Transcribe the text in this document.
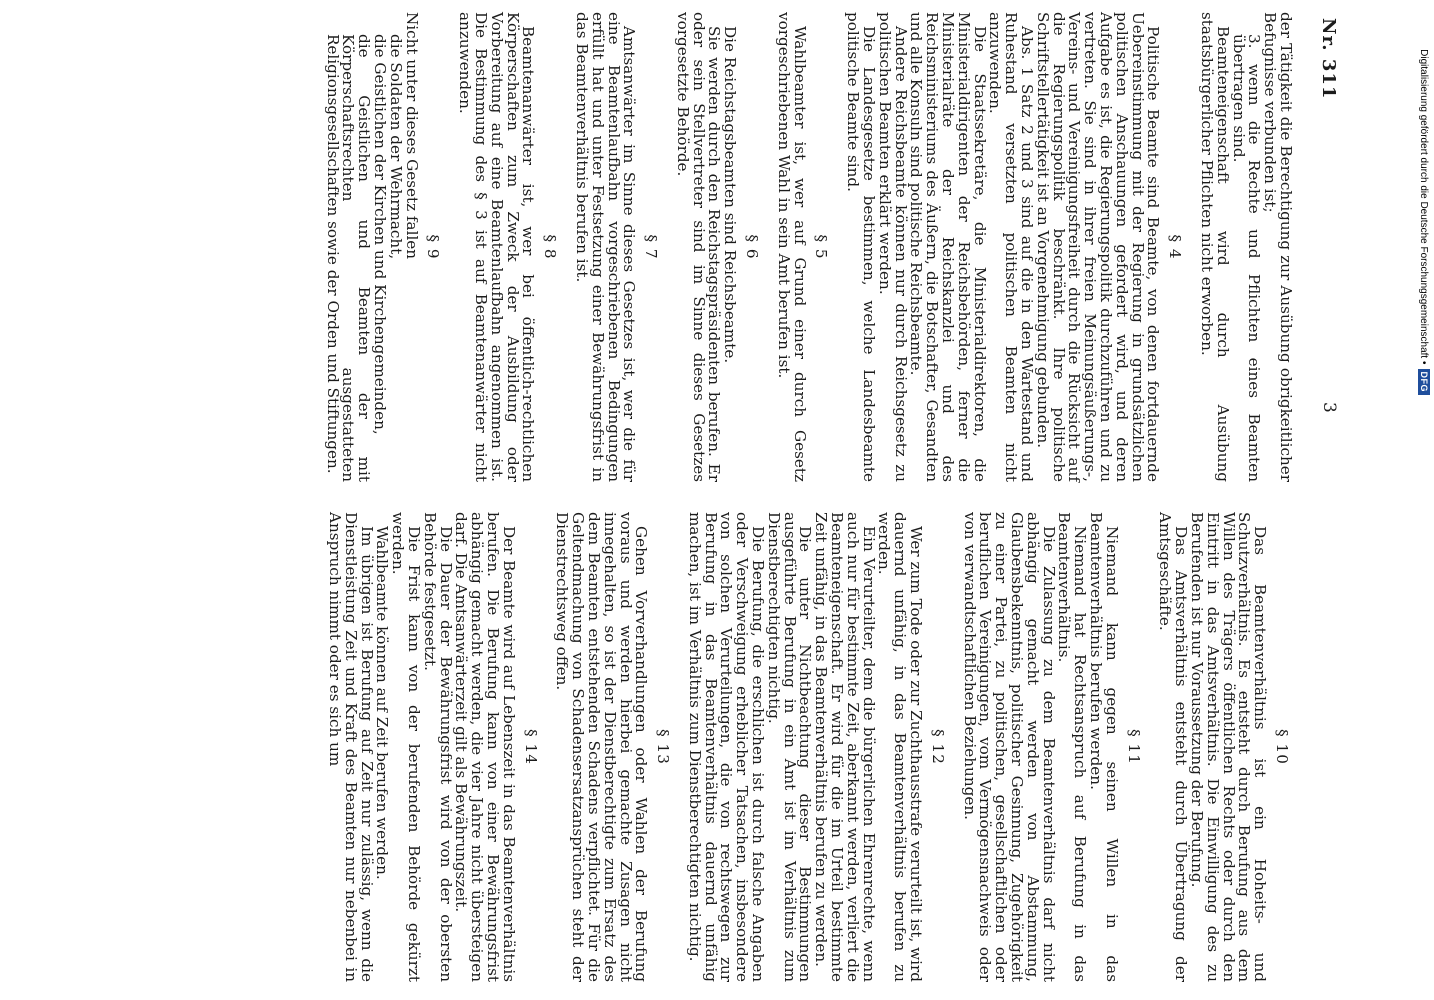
Nr. 311
3

der Tätigkeit die Berechtigung zur Ausübung obrigkeitlicher Befugnisse verbunden ist;

3. wenn die Rechte und Pflichten eines Beamten übertragen sind.

Beamteneigenschaft wird durch Ausübung staatsbürgerlicher Pflichten nicht erworben.

§ 4

Politische Beamte sind Beamte, von denen fortdauernde Uebereinstimmung mit der Regierung in grundsätzlichen politischen Anschauungen gefordert wird, und deren Aufgabe es ist, die Regierungspolitik durchzuführen und zu vertreten. Sie sind in ihrer freien Meinungsäußerungs-, Vereins- und Vereinigungsfreiheit durch die Rücksicht auf die Regierungspolitik beschränkt. Ihre politische Schriftstellertätigkeit ist an Vorgenehmigung gebunden.

Abs. 1 Satz 2 und 3 sind auf die in den Wartestand und Ruhestand versetzten politischen Beamten nicht anzuwenden.

Die Staatssekretäre, die Ministerialdirektoren, die Ministerialdirigenten der Reichsbehörden, ferner die Ministerialräte der Reichskanzlei und des Reichsministeriums des Äußern, die Botschafter, Gesandten und alle Konsuln sind politische Reichsbeamte.

Andere Reichsbeamte können nur durch Reichsgesetz zu politischen Beamten erklärt werden.

Die Landesgesetze bestimmen, welche Landesbeamte politische Beamte sind.

§ 5

Wahlbeamter ist, wer auf Grund einer durch Gesetz vorgeschriebenen Wahl in sein Amt berufen ist.

§ 6

Die Reichstagsbeamten sind Reichsbeamte.

Sie werden durch den Reichstagspräsidenten berufen. Er oder sein Stellvertreter sind im Sinne dieses Gesetzes vorgesetzte Behörde.

§ 7

Amtsanwärter im Sinne dieses Gesetzes ist, wer die für eine Beamtenlaufbahn vorgeschriebenen Bedingungen erfüllt hat und unter Festsetzung einer Bewährungsfrist in das Beamtenverhältnis berufen ist.

§ 8

Beamtenanwärter ist, wer bei öffentlich-rechtlichen Körperschaften zum Zweck der Ausbildung oder Vorbereitung auf eine Beamtenlaufbahn angenommen ist. Die Bestimmung des § 3 ist auf Beamtenanwärter nicht anzuwenden.

§ 9

Nicht unter dieses Gesetz fallen

die Soldaten der Wehrmacht,

die Geistlichen der Kirchen und Kirchengemeinden,

die Geistlichen und Beamten der mit Körperschaftsrechten ausgestatteten Religionsgesellschaften sowie der Orden und Stiftungen.

§ 10

Das Beamtenverhältnis ist ein Hoheits- und Schutzverhältnis. Es entsteht durch Berufung aus dem Willen des Trägers öffentlichen Rechts oder durch den Eintritt in das Amtsverhältnis. Die Einwilligung des zu Berufenden ist nur Voraussetzung der Berufung.

Das Amtsverhältnis entsteht durch Übertragung der Amtsgeschäfte.

§ 11

Niemand kann gegen seinen Willen in das Beamtenverhältnis berufen werden.

Niemand hat Rechtsanspruch auf Berufung in das Beamtenverhältnis.

Die Zulassung zu dem Beamtenverhältnis darf nicht abhängig gemacht werden von Abstammung, Glaubensbekenntnis, politischer Gesinnung, Zugehörigkeit zu einer Partei, zu politischen, gesellschaftlichen oder beruflichen Vereinigungen, vom Vermögensnachweis oder von verwandtschaftlichen Beziehungen.

§ 12

Wer zum Tode oder zur Zuchthausstrafe verurteilt ist, wird dauernd unfähig, in das Beamtenverhältnis berufen zu werden.

Ein Verurteilter, dem die bürgerlichen Ehrenrechte, wenn auch nur für bestimmte Zeit, aberkannt werden, verliert die Beamteneigenschaft. Er wird für die im Urteil bestimmte Zeit unfähig, in das Beamtenverhältnis berufen zu werden.

Die unter Nichtbeachtung dieser Bestimmungen ausgeführte Berufung in ein Amt ist im Verhältnis zum Dienstberechtigten nichtig.

Die Berufung, die erschlichen ist durch falsche Angaben oder Verschweigung erheblicher Tatsachen, insbesondere von solchen Verurteilungen, die von rechtswegen zur Berufung in das Beamtenverhältnis dauernd unfähig machen, ist im Verhältnis zum Dienstberechtigten nichtig.

§ 13

Gehen Vorverhandlungen oder Wahlen der Berufung voraus und werden hierbei gemachte Zusagen nicht innegehalten, so ist der Dienstberechtigte zum Ersatz des dem Beamten entstehenden Schadens verpflichtet. Für die Geltendmachung von Schadensersatzansprüchen steht der Dienstrechtsweg offen.

§ 14

Der Beamte wird auf Lebenszeit in das Beamtenverhältnis berufen. Die Berufung kann von einer Bewährungsfrist abhängig gemacht werden, die vier Jahre nicht übersteigen darf. Die Amtsanwärterzeit gilt als Bewährungszeit.

Die Dauer der Bewährungsfrist wird von der obersten Behörde festgesetzt.

Die Frist kann von der berufenden Behörde gekürzt werden.

Wahlbeamte können auf Zeit berufen werden.

Im übrigen ist Berufung auf Zeit nur zulässig, wenn die Dienstleistung Zeit und Kraft des Beamten nur nebenbei in Anspruch nimmt oder es sich um

Digitalisierung gefördert durch die Deutsche Forschungsgemeinschaft •
DFG
